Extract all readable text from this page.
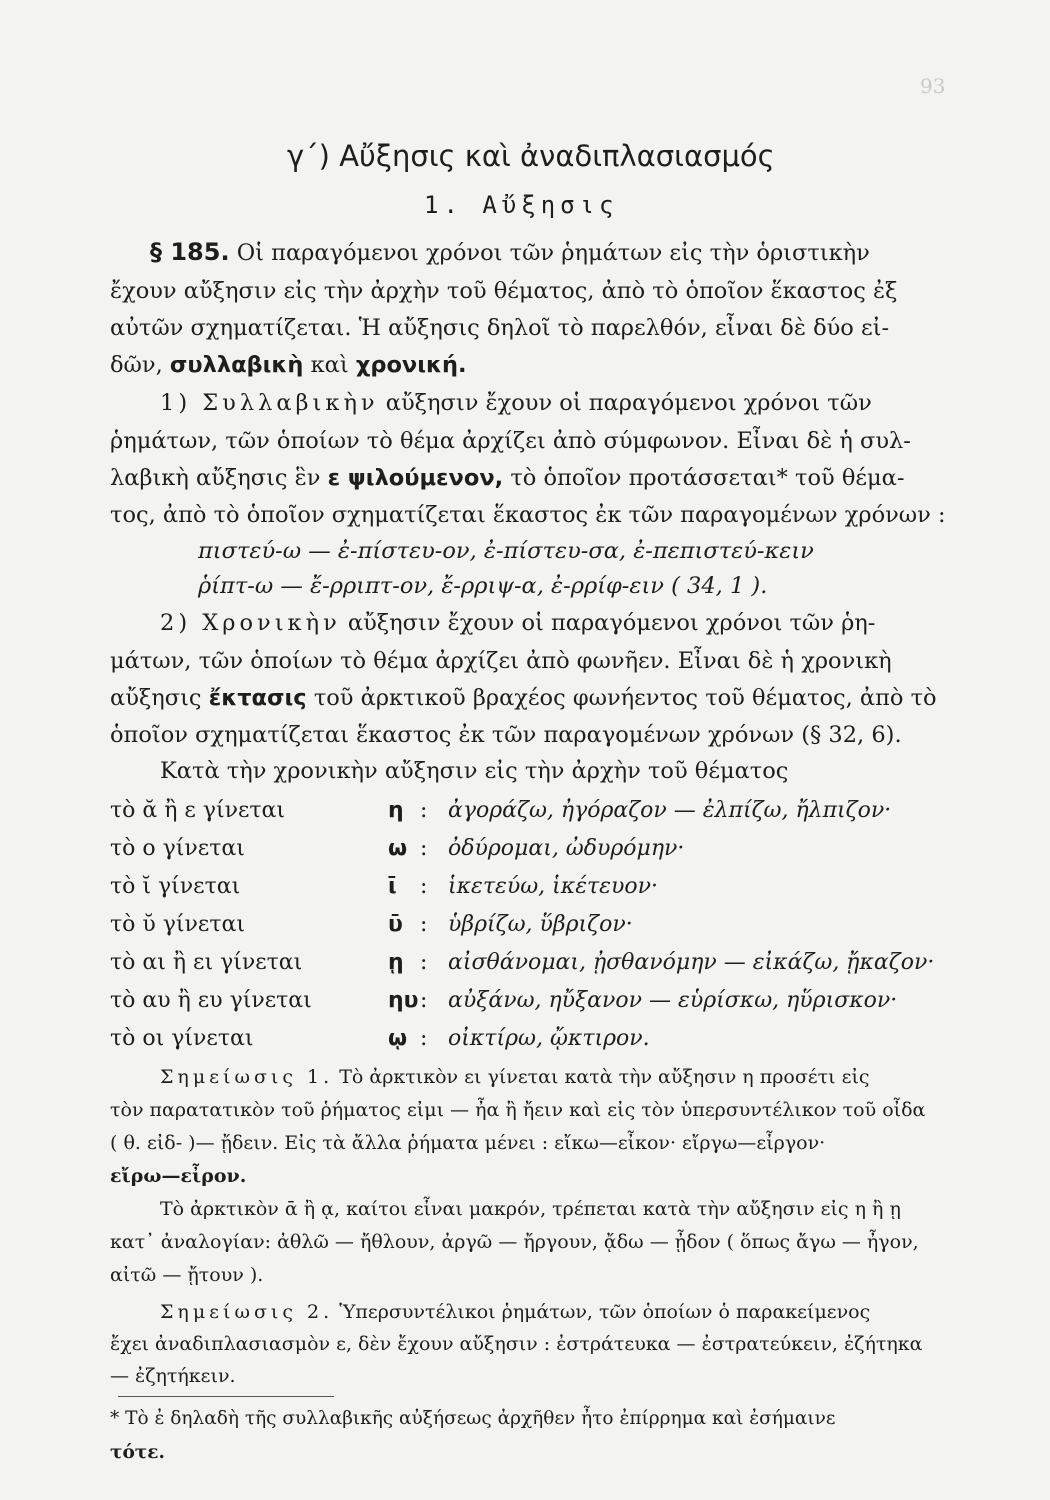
93
γ΄) Αὔξησις καὶ ἀναδιπλασιασμός
1. Αὔξησις
§ 185. Οἱ παραγόμενοι χρόνοι τῶν ῥημάτων εἰς τὴν ὁριστικὴν
ἔχουν αὔξησιν εἰς τὴν ἀρχὴν τοῦ θέματος, ἀπὸ τὸ ὁποῖον ἕκαστος ἐξ
αὐτῶν σχηματίζεται. Ἡ αὔξησις δηλοῖ τὸ παρελθόν, εἶναι δὲ δύο εἰ-
δῶν, συλλαβικὴ καὶ χρονική.
1) Συλλαβικὴν αὔξησιν ἔχουν οἱ παραγόμενοι χρόνοι τῶν
ῥημάτων, τῶν ὁποίων τὸ θέμα ἀρχίζει ἀπὸ σύμφωνον. Εἶναι δὲ ἡ συλ-
λαβικὴ αὔξησις ἓν ε ψιλούμενον, τὸ ὁποῖον προτάσσεται* τοῦ θέμα-
τος, ἀπὸ τὸ ὁποῖον σχηματίζεται ἕκαστος ἐκ τῶν παραγομένων χρόνων :
πιστεύ-ω — ἐ-πίστευ-ον, ἐ-πίστευ-σα, ἐ-πεπιστεύ-κειν
ῥίπτ-ω — ἔ-ρριπτ-ον, ἔ-ρριψ-α, ἐ-ρρίφ-ειν ( 34, 1 ).
2) Χρονικὴν αὔξησιν ἔχουν οἱ παραγόμενοι χρόνοι τῶν ῥη-
μάτων, τῶν ὁποίων τὸ θέμα ἀρχίζει ἀπὸ φωνῆεν. Εἶναι δὲ ἡ χρονικὴ
αὔξησις ἔκτασις τοῦ ἀρκτικοῦ βραχέος φωνήεντος τοῦ θέματος, ἀπὸ τὸ
ὁποῖον σχηματίζεται ἕκαστος ἐκ τῶν παραγομένων χρόνων (§ 32, 6).
Κατὰ τὴν χρονικὴν αὔξησιν εἰς τὴν ἀρχὴν τοῦ θέματος
τὸ ᾰ ἢ ε γίνεται	η : ἀγοράζω, ἠγόραζον — ἐλπίζω, ἤλπιζον·
τὸ ο γίνεται	ω : ὀδύρομαι, ὠδυρόμην·
τὸ ῐ γίνεται	ῑ : ἱκετεύω, ἱκέτευον·
τὸ ῠ γίνεται	ῡ : ὑβρίζω, ὕβριζον·
τὸ αι ἢ ει γίνεται	ῃ : αἰσθάνομαι, ᾐσθανόμην — εἰκάζω, ᾔκαζον·
τὸ αυ ἢ ευ γίνεται	ηυ : αὐξάνω, ηὔξανον — εὑρίσκω, ηὕρισκον·
τὸ οι γίνεται	ῳ : οἰκτίρω, ᾤκτιρον.
Σημείωσις 1. Τὸ ἀρκτικὸν ει γίνεται κατὰ τὴν αὔξησιν η προσέτι εἰς
τὸν παρατατικὸν τοῦ ῥήματος εἰμι — ἦα ἢ ἤειν καὶ εἰς τὸν ὑπερσυντέλικον τοῦ οἶδα
( θ. εἰδ- )— ᾔδειν. Εἰς τὰ ἄλλα ῥήματα μένει : εἴκω—εἶκον· εἴργω—εἶργον·
εἴρω—εἶρον.
Τὸ ἀρκτικὸν ᾱ ἢ ᾳ, καίτοι εἶναι μακρόν, τρέπεται κατὰ τὴν αὔξησιν εἰς η ἢ ῃ
κατ᾽ ἀναλογίαν: ἀθλῶ — ἤθλουν, ἀργῶ — ἤργουν, ᾄδω — ᾖδον ( ὅπως ἄγω — ἦγον,
αἰτῶ — ᾔτουν ).
Σημείωσις 2. Ὑπερσυντέλικοι ῥημάτων, τῶν ὁποίων ὁ παρακείμενος
ἔχει ἀναδιπλασιασμὸν ε, δὲν ἔχουν αὔξησιν : ἐστράτευκα — ἐστρατεύκειν, ἐζήτηκα
— ἐζητήκειν.
* Τὸ ἐ δηλαδὴ τῆς συλλαβικῆς αὐξήσεως ἀρχῆθεν ἦτο ἐπίρρημα καὶ ἐσήμαινε
τότε.
